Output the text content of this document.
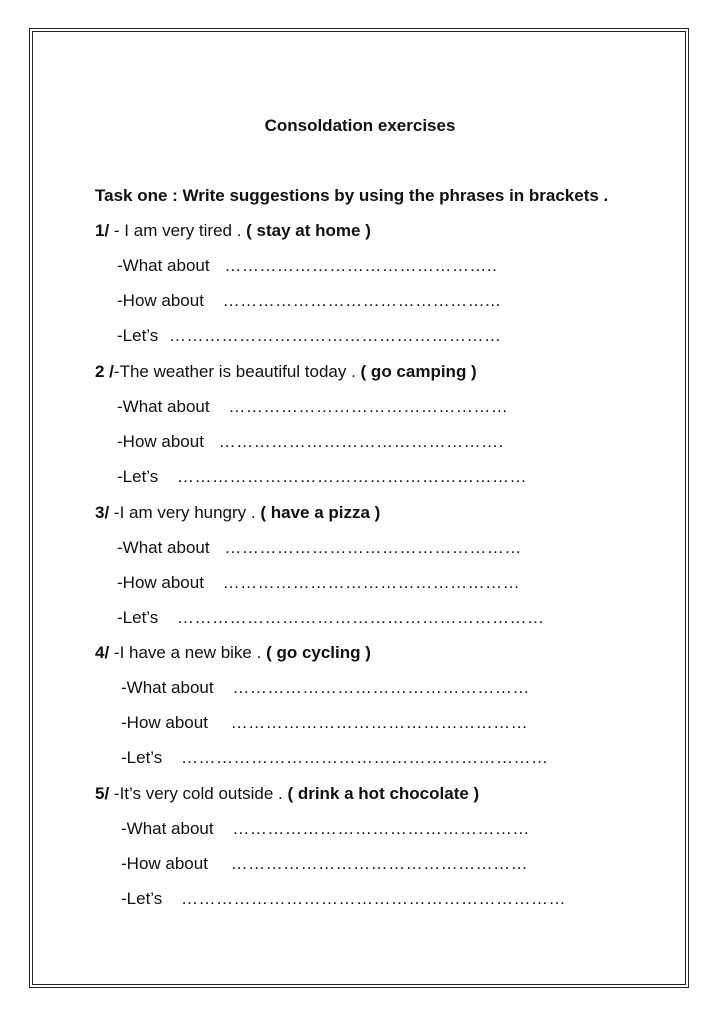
Consoldation exercises

Task one : Write suggestions by using the phrases in brackets .

1/ - I am very tired . ( stay at home )
-What about ………………………………………..
-How about ………………………………………...
-Let’s …………………………………………………
2 /-The weather is beautiful today . ( go camping )
-What about …………………………………………
-How about ………………………………………….
-Let’s ……………………………………………………
3/ -I am very hungry . ( have a pizza )
-What about ……………………………………………
-How about ……………………………………………
-Let’s ………………………………………………………
4/ -I have a new bike . ( go cycling )
-What about ……………………………………………
-How about ……………………………………………
-Let’s ………………………………………………………
5/ -It’s very cold outside . ( drink a hot chocolate )
-What about ……………………………………………
-How about ……………………………………………
-Let’s …………………………………………………………
